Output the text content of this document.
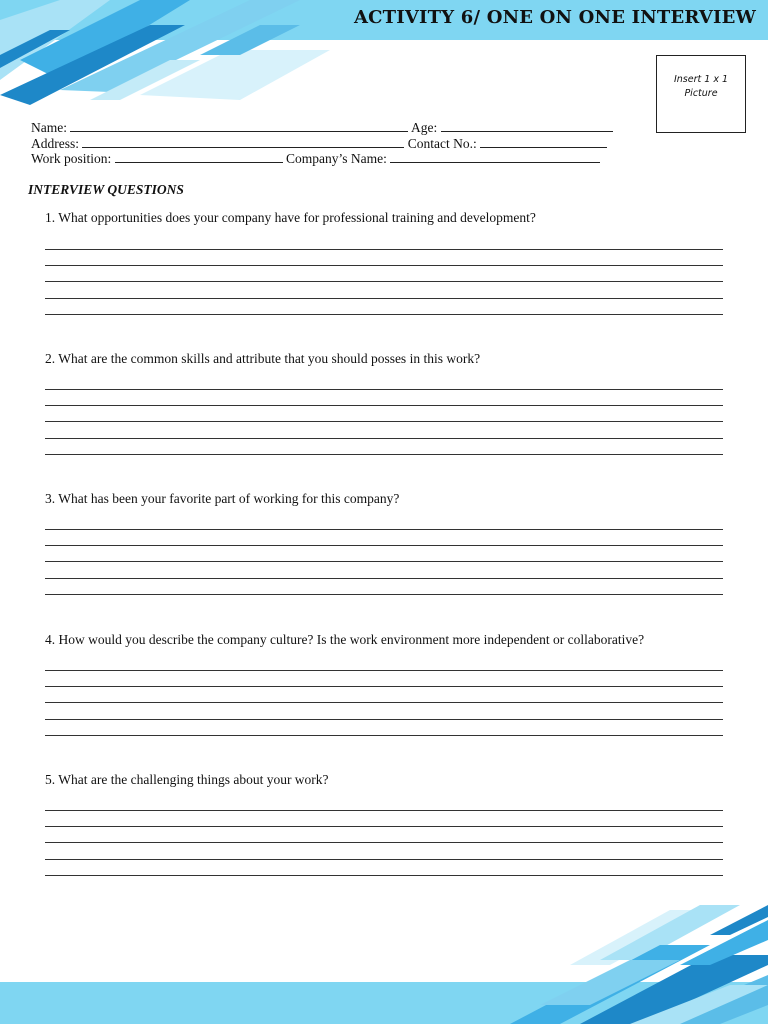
ACTIVITY 6/ ONE ON ONE INTERVIEW
Insert 1 x 1
Picture
Name:	Age:
Address:	Contact No.:
Work position:	Company’s Name:
INTERVIEW QUESTIONS
1. What opportunities does your company have for professional training and development?
2. What are the common skills and attribute that you should posses in this work?
3. What has been your favorite part of working for this company?
4. How would you describe the company culture? Is the work environment more independent or collaborative?
5. What are the challenging things about your work?
